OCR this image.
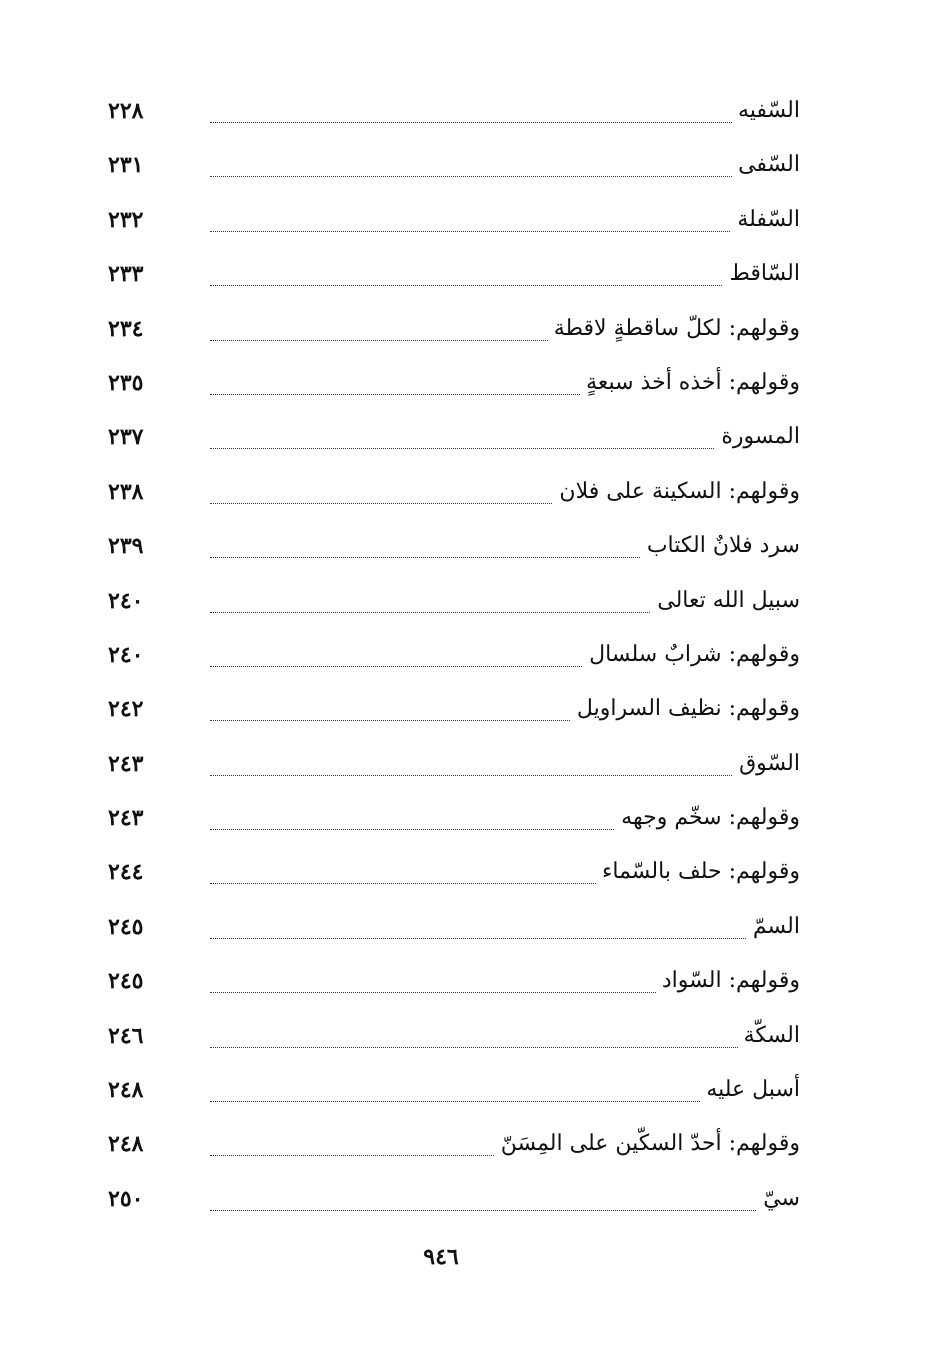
السّفيه
٢٢٨
السّفى
٢٣١
السّفلة
٢٣٢
السّاقط
٢٣٣
وقولهم: لكلّ ساقطةٍ لاقطة
٢٣٤
وقولهم: أخذه أخذ سبعةٍ
٢٣٥
المسورة
٢٣٧
وقولهم: السكينة على فلان
٢٣٨
سرد فلانٌ الكتاب
٢٣٩
سبيل الله تعالى
٢٤٠
وقولهم: شرابٌ سلسال
٢٤٠
وقولهم: نظيف السراويل
٢٤٢
السّوق
٢٤٣
وقولهم: سخّم وجهه
٢٤٣
وقولهم: حلف بالسّماء
٢٤٤
السمّ
٢٤٥
وقولهم: السّواد
٢٤٥
السكّة
٢٤٦
أسبل عليه
٢٤٨
وقولهم: أحدّ السكّين على المِسَنّ
٢٤٨
سيّ
٢٥٠
٩٤٦
